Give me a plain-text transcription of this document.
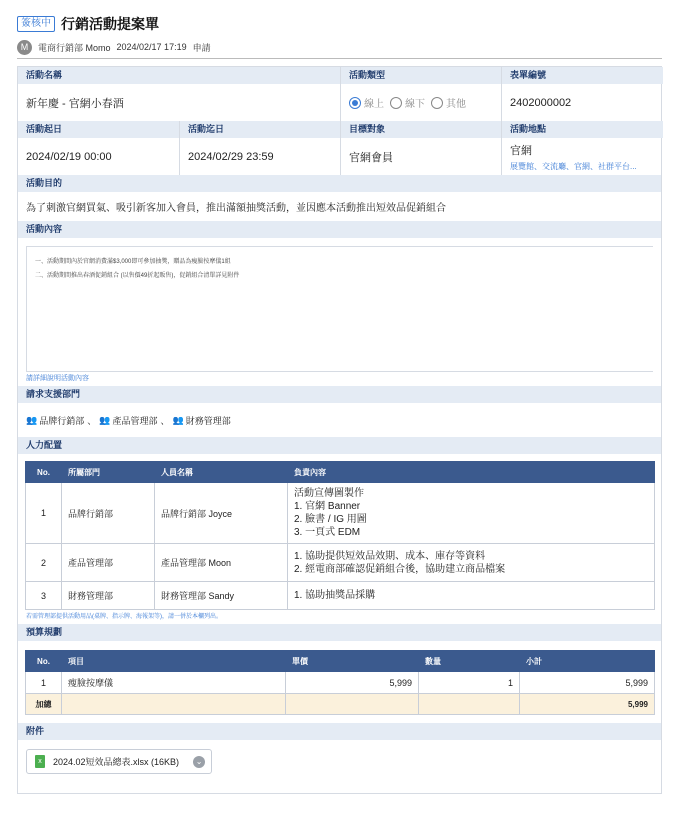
簽核中 行銷活動提案單
M	電商行銷部 Momo 2024/02/17 17:19 申請
活動名稱
新年慶 - 官網小春酒
活動類型
線上 線下 其他
表單編號
2402000002
活動起日
2024/02/19 00:00
活動迄日
2024/02/29 23:59
目標對象
官網會員
活動地點
官網
展覽館、交流廳、官網、社群平台...
活動目的
為了刺激官網買氣、吸引新客加入會員，推出滿額抽獎活動，並因應本活動推出短效品促銷組合
活動內容
一、活動期間內於官網消費滿$3,000即可參加抽獎，贈品為瘦臉按摩儀1組
二、活動期間推出春酒促銷組合 (以售價49折起販售)，促銷組合清單詳見附件
請詳細說明活動內容
請求支援部門
👥 品牌行銷部 、 👥 產品管理部 、 👥 財務管理部
人力配置
No.	所屬部門	人員名稱	負責內容
1	品牌行銷部	品牌行銷部 Joyce	活動宣傳圖製作
1. 官網 Banner
2. 臉書 / IG 用圖
3. 一頁式 EDM

2	產品管理部	產品管理部 Moon	1. 協助提供短效品效期、成本、庫存等資料
2. 經電商部確認促銷組合後，協助建立商品檔案

3	財務管理部	財務管理部 Sandy	1. 協助抽獎品採購
若需管理部提供活動用品(桌牌、指示牌、海報架等)，請一併於本欄列出。
預算規劃
No.	項目	單價	數量	小計
1	瘦臉按摩儀	5,999	1	5,999
加總				5,999
附件
x	2024.02短效品總表.xlsx (16KB)	⌄
